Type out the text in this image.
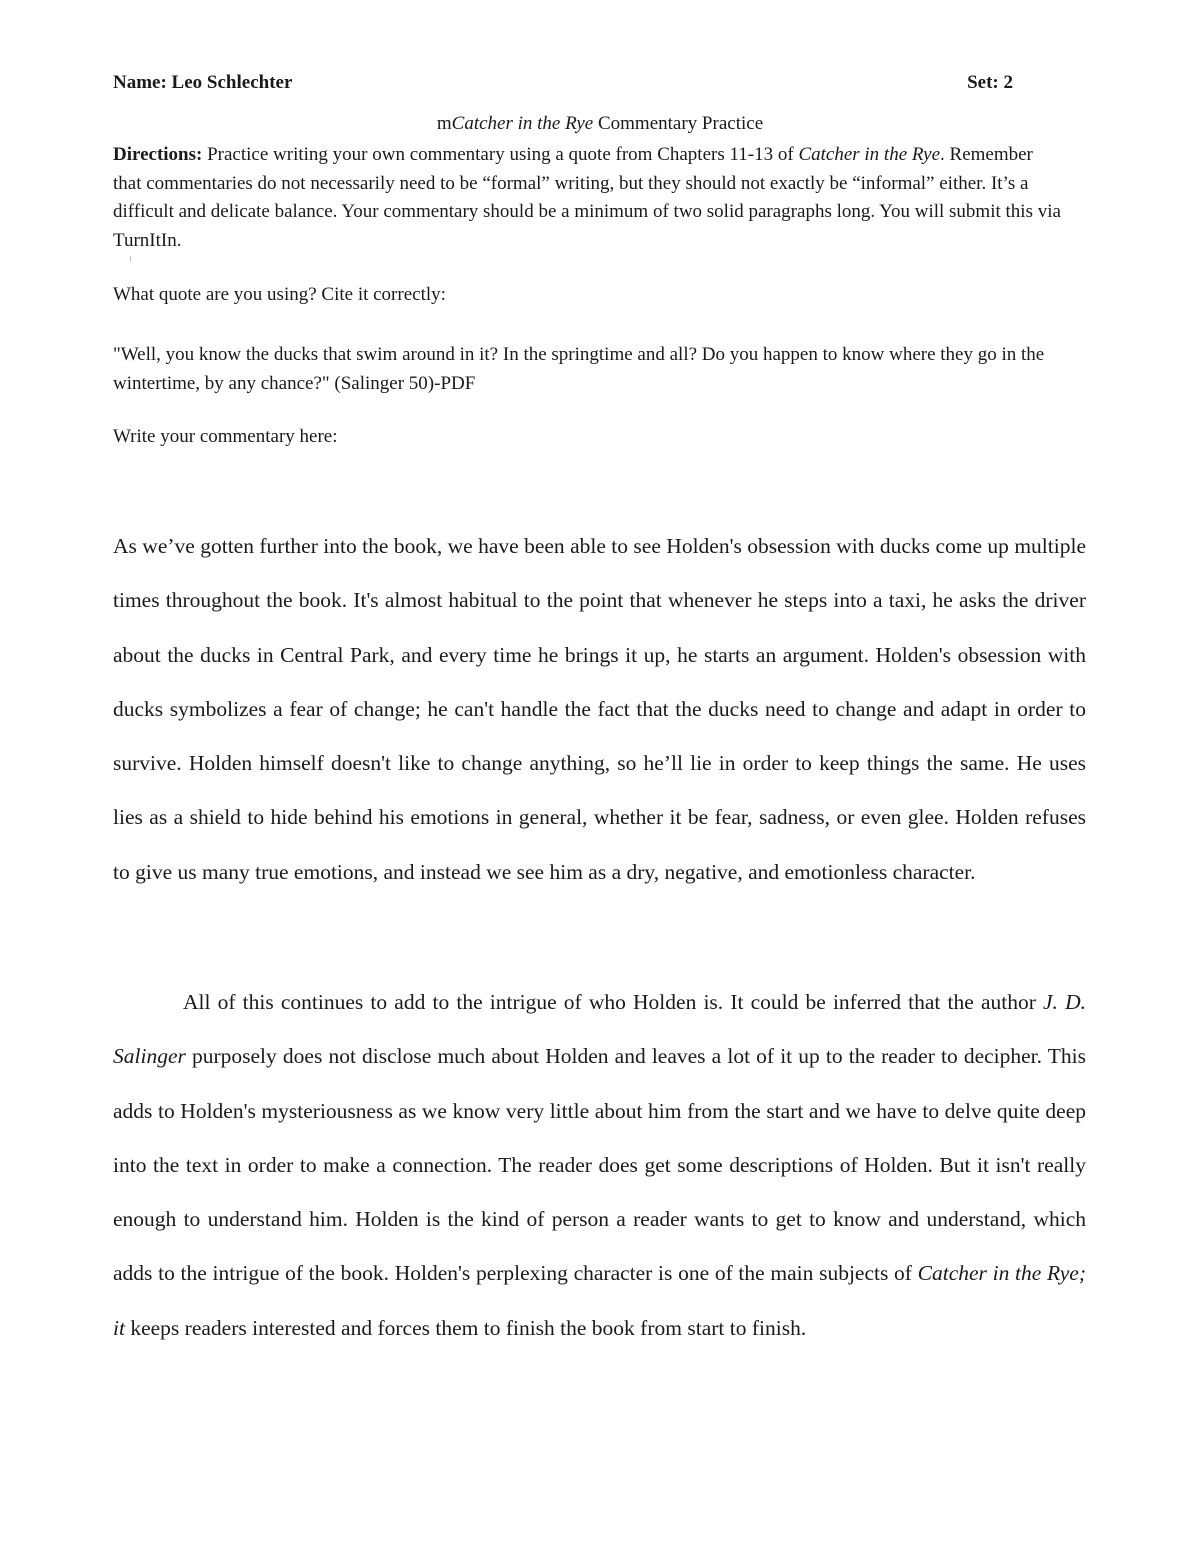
Name: Leo Schlechter	Set: 2
mCatcher in the Rye Commentary Practice
Directions: Practice writing your own commentary using a quote from Chapters 11-13 of Catcher in the Rye. Remember that commentaries do not necessarily need to be “formal” writing, but they should not exactly be “informal” either. It’s a difficult and delicate balance. Your commentary should be a minimum of two solid paragraphs long. You will submit this via TurnItIn.
What quote are you using? Cite it correctly:
"Well, you know the ducks that swim around in it? In the springtime and all? Do you happen to know where they go in the wintertime, by any chance?" (Salinger 50)-PDF
Write your commentary here:
As we’ve gotten further into the book, we have been able to see Holden's obsession with ducks come up multiple times throughout the book. It's almost habitual to the point that whenever he steps into a taxi, he asks the driver about the ducks in Central Park, and every time he brings it up, he starts an argument. Holden's obsession with ducks symbolizes a fear of change; he can't handle the fact that the ducks need to change and adapt in order to survive. Holden himself doesn't like to change anything, so he’ll lie in order to keep things the same. He uses lies as a shield to hide behind his emotions in general, whether it be fear, sadness, or even glee. Holden refuses to give us many true emotions, and instead we see him as a dry, negative, and emotionless character.
All of this continues to add to the intrigue of who Holden is. It could be inferred that the author J. D. Salinger purposely does not disclose much about Holden and leaves a lot of it up to the reader to decipher. This adds to Holden's mysteriousness as we know very little about him from the start and we have to delve quite deep into the text in order to make a connection. The reader does get some descriptions of Holden. But it isn't really enough to understand him. Holden is the kind of person a reader wants to get to know and understand, which adds to the intrigue of the book. Holden's perplexing character is one of the main subjects of Catcher in the Rye; it keeps readers interested and forces them to finish the book from start to finish.
